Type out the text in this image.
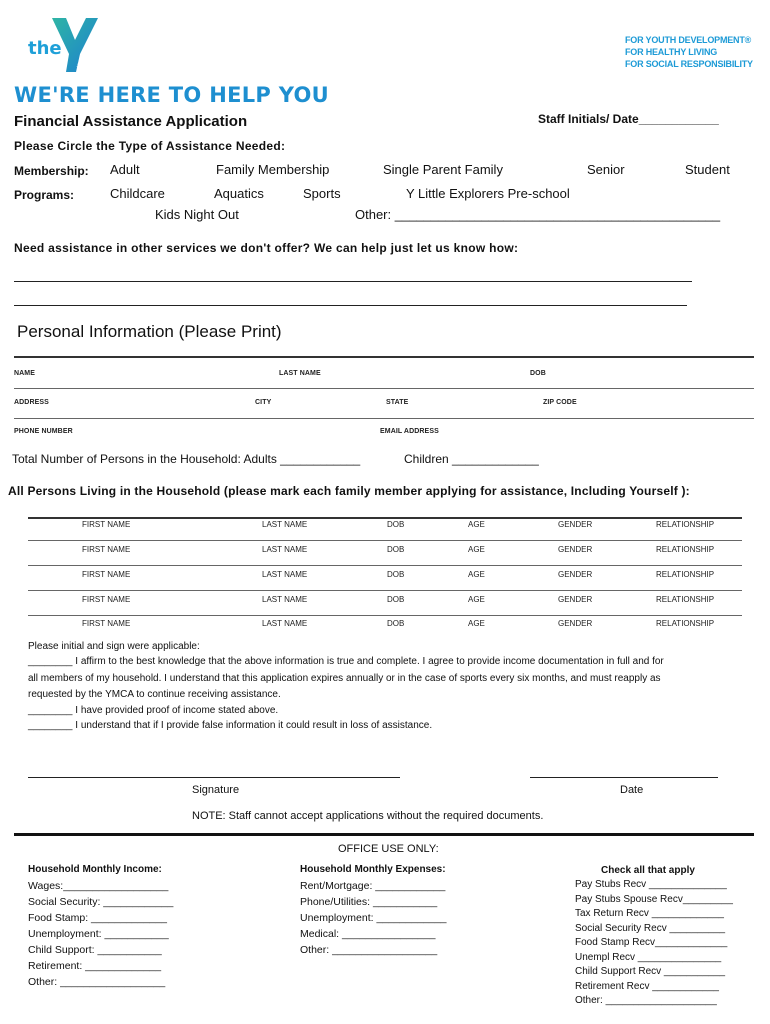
the
YMCA
FOR YOUTH DEVELOPMENT®
FOR HEALTHY LIVING
FOR SOCIAL RESPONSIBILITY
WE'RE HERE TO HELP YOU
Financial Assistance Application	Staff Initials/ Date____________
Please Circle the Type of Assistance Needed:
Membership: Adult	Family Membership	Single Parent Family	Senior	Student
Programs:	Childcare	Aquatics	Sports	Y Little Explorers Pre-school
Kids Night Out	Other: _____________________________________________
Need assistance in other services we don't offer? We can help just let us know how:
Personal Information (Please Print)
NAME	LAST NAME	DOB
ADDRESS	CITY	STATE	ZIP CODE
PHONE NUMBER	EMAIL ADDRESS
Total Number of Persons in the Household: Adults ____________	Children _____________
All Persons Living in the Household (please mark each family member applying for assistance, Including Yourself ):
FIRST NAME	LAST NAME	DOB	AGE	GENDER	RELATIONSHIP
FIRST NAME	LAST NAME	DOB	AGE	GENDER	RELATIONSHIP
FIRST NAME	LAST NAME	DOB	AGE	GENDER	RELATIONSHIP
FIRST NAME	LAST NAME	DOB	AGE	GENDER	RELATIONSHIP
FIRST NAME	LAST NAME	DOB	AGE	GENDER	RELATIONSHIP
Please initial and sign were applicable:
________ I affirm to the best knowledge that the above information is true and complete. I agree to provide income documentation in full and for
all members of my household. I understand that this application expires annually or in the case of sports every six months, and must reapply as
requested by the YMCA to continue receiving assistance.
________ I have provided proof of income stated above.
________ I understand that if I provide false information it could result in loss of assistance.
Signature	Date
NOTE: Staff cannot accept applications without the required documents.
OFFICE USE ONLY:
Household Monthly Income:
Wages:__________________
Social Security: ____________
Food Stamp: _____________
Unemployment: ___________
Child Support: ___________
Retirement: _____________
Other: __________________
Household Monthly Expenses:
Rent/Mortgage: ____________
Phone/Utilities: ___________
Unemployment: ____________
Medical: ________________
Other: __________________
Check all that apply
Pay Stubs Recv ______________
Pay Stubs Spouse Recv_________
Tax Return Recv _____________
Social Security Recv __________
Food Stamp Recv_____________
Unempl Recv _______________
Child Support Recv ___________
Retirement Recv ____________
Other: ____________________
